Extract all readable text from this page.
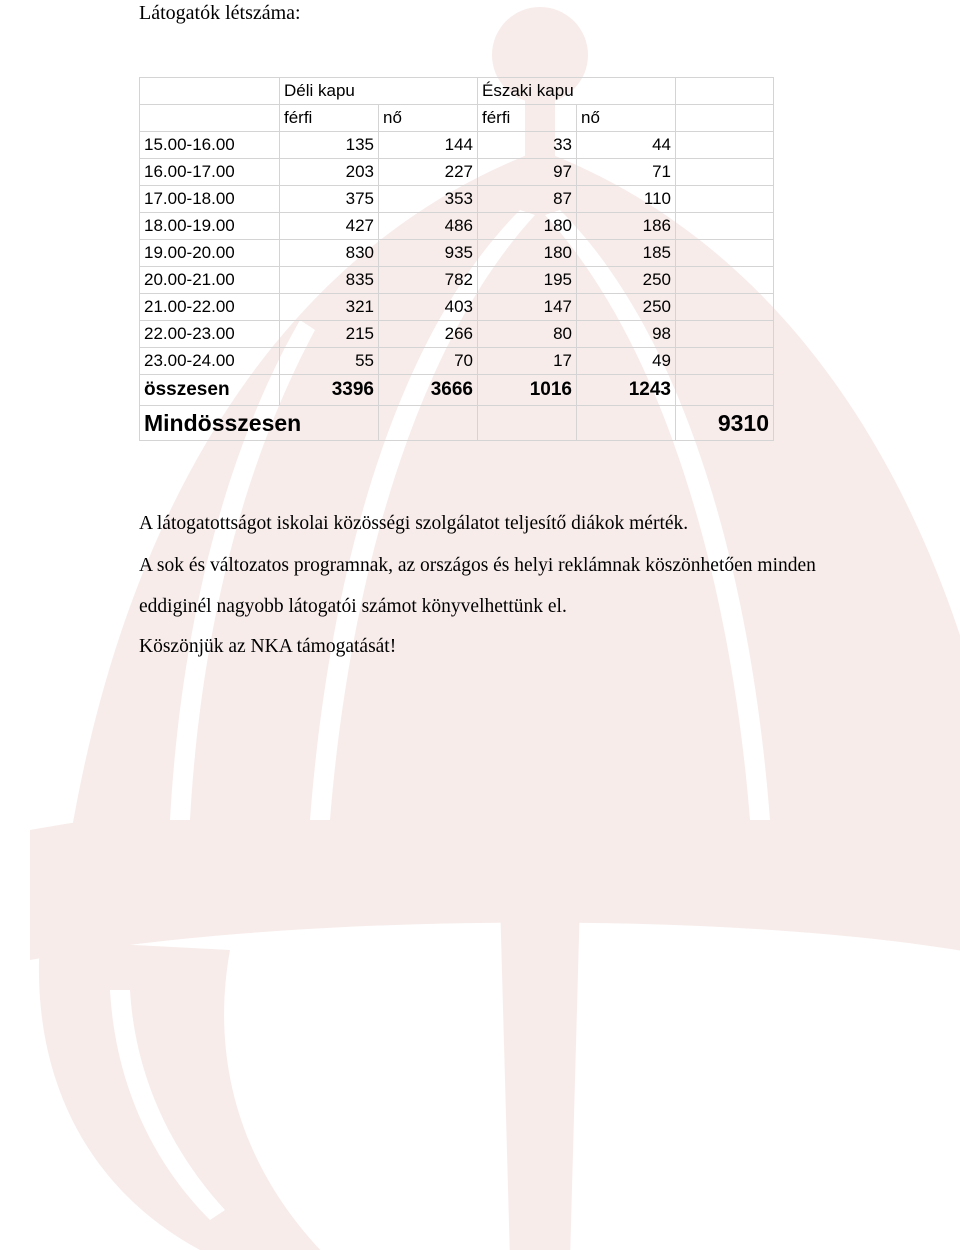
Látogatók létszáma:
	Déli kapu		Északi kapu		
	férfi	nő	férfi	nő	
15.00-16.00	135	144	33	44	
16.00-17.00	203	227	97	71	
17.00-18.00	375	353	87	110	
18.00-19.00	427	486	180	186	
19.00-20.00	830	935	180	185	
20.00-21.00	835	782	195	250	
21.00-22.00	321	403	147	250	
22.00-23.00	215	266	80	98	
23.00-24.00	55	70	17	49	
összesen	3396	3666	1016	1243	
Mindösszesen					9310
A látogatottságot iskolai közösségi szolgálatot teljesítő diákok mérték.
A sok és változatos programnak, az országos és helyi reklámnak köszönhetően minden
eddiginél nagyobb látogatói számot könyvelhettünk el.
Köszönjük az NKA támogatását!
